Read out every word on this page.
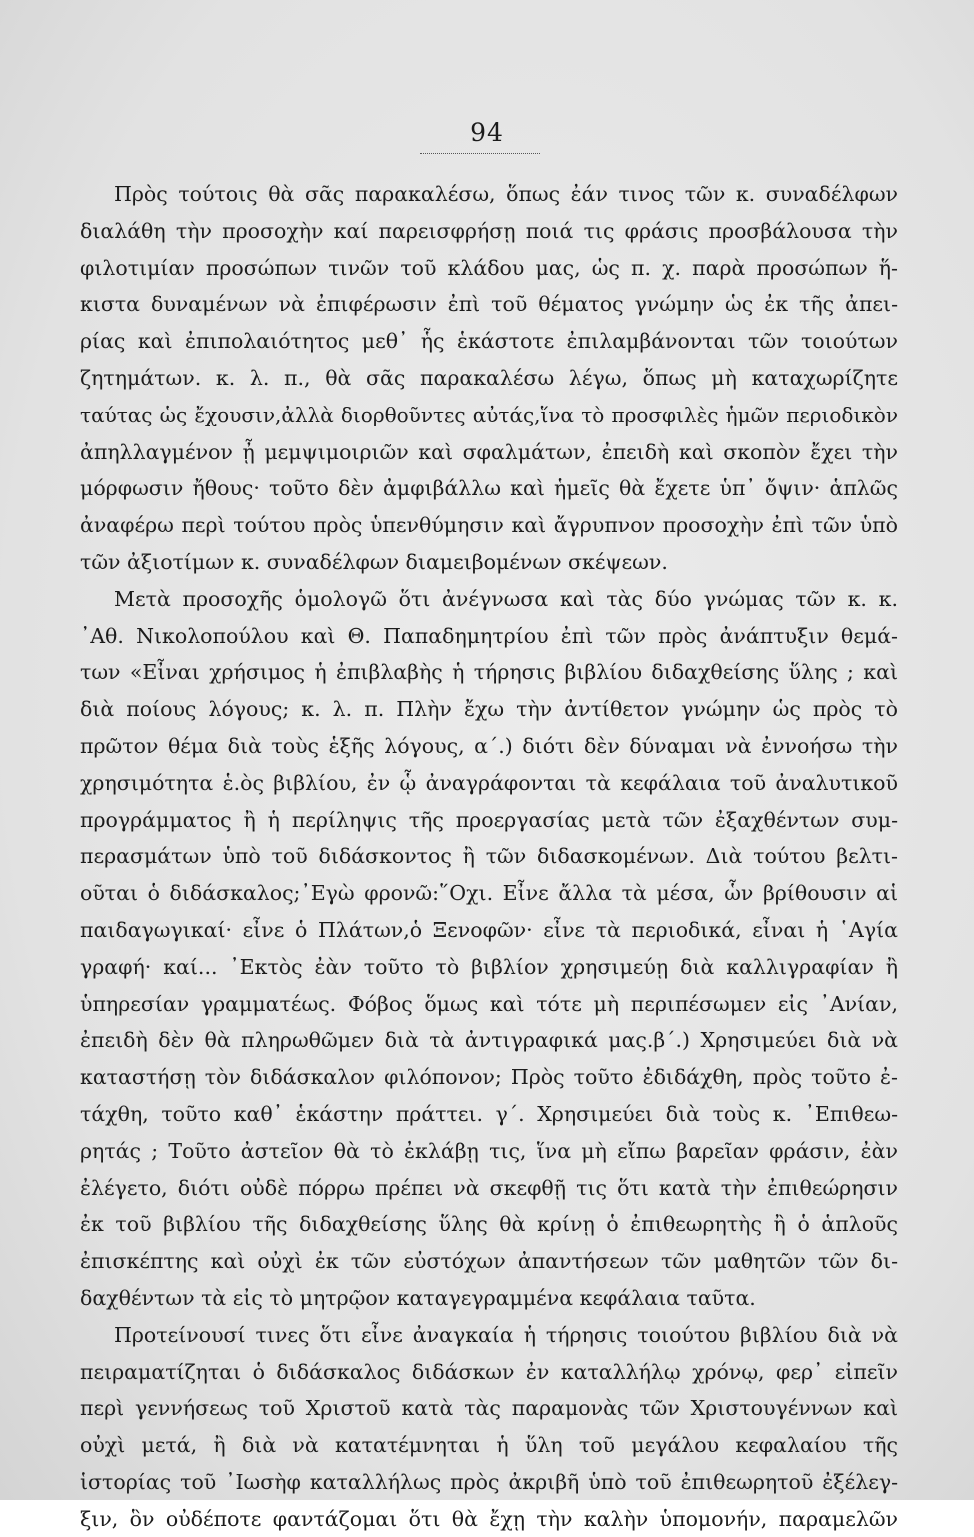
94
Πρὸς τούτοις θὰ σᾶς παρακαλέσω, ὅπως ἐάν τινος τῶν κ. συναδέλφων
διαλάθη τὴν προσοχὴν καί παρεισφρήσῃ ποιά τις φράσις προσβάλουσα τὴν
φιλοτιμίαν προσώπων τινῶν τοῦ κλάδου μας, ὡς π. χ. παρὰ προσώπων ἥ-
κιστα δυναμένων νὰ ἐπιφέρωσιν ἐπὶ τοῦ θέματος γνώμην ὡς ἐκ τῆς ἀπει-
ρίας καὶ ἐπιπολαιότητος μεθ᾽ ἧς ἑκάστοτε ἐπιλαμβάνονται τῶν τοιούτων
ζητημάτων. κ. λ. π., θὰ σᾶς παρακαλέσω λέγω, ὅπως μὴ καταχωρίζητε
ταύτας ὡς ἔχουσιν,ἀλλὰ διορθοῦντες αὐτάς,ἵνα τὸ προσφιλὲς ἡμῶν περιοδικὸν
ἀπηλλαγμένον ᾖ μεμψιμοιριῶν καὶ σφαλμάτων, ἐπειδὴ καὶ σκοπὸν ἔχει τὴν
μόρφωσιν ἤθους· τοῦτο δὲν ἀμφιβάλλω καὶ ἡμεῖς θὰ ἔχετε ὑπ᾽ ὄψιν· ἁπλῶς
ἀναφέρω περὶ τούτου πρὸς ὑπενθύμησιν καὶ ἄγρυπνον προσοχὴν ἐπὶ τῶν ὑπὸ
τῶν ἀξιοτίμων κ. συναδέλφων διαμειβομένων σκέψεων.
Μετὰ προσοχῆς ὁμολογῶ ὅτι ἀνέγνωσα καὶ τὰς δύο γνώμας τῶν κ. κ.
᾽Αθ. Νικολοπούλου καὶ Θ. Παπαδημητρίου ἐπὶ τῶν πρὸς ἀνάπτυξιν θεμά-
των «Εἶναι χρήσιμος ἡ ἐπιβλαβὴς ἡ τήρησις βιβλίου διδαχθείσης ὕλης ; καὶ
διὰ ποίους λόγους; κ. λ. π. Πλὴν ἔχω τὴν ἀντίθετον γνώμην ὡς πρὸς τὸ
πρῶτον θέμα διὰ τοὺς ἑξῆς λόγους, α΄.) διότι δὲν δύναμαι νὰ ἐννοήσω τὴν
χρησιμότητα ἑ.ὸς βιβλίου, ἐν ᾧ ἀναγράφονται τὰ κεφάλαια τοῦ ἀναλυτικοῦ
προγράμματος ἢ ἡ περίληψις τῆς προεργασίας μετὰ τῶν ἐξαχθέντων συμ-
περασμάτων ὑπὸ τοῦ διδάσκοντος ἢ τῶν διδασκομένων. Διὰ τούτου βελτι-
οῦται ὁ διδάσκαλος;᾽Εγὼ φρονῶ:῞Οχι. Εἶνε ἄλλα τὰ μέσα, ὧν βρίθουσιν αἱ
παιδαγωγικαί· εἶνε ὁ Πλάτων,ὁ Ξενοφῶν· εἶνε τὰ περιοδικά, εἶναι ἡ ῾Αγία
γραφή· καί... ᾽Εκτὸς ἐὰν τοῦτο τὸ βιβλίον χρησιμεύῃ διὰ καλλιγραφίαν ἢ
ὑπηρεσίαν γραμματέως. Φόβος ὅμως καὶ τότε μὴ περιπέσωμεν εἰς ᾽Ανίαν,
ἐπειδὴ δὲν θὰ πληρωθῶμεν διὰ τὰ ἀντιγραφικά μας.β΄.) Χρησιμεύει διὰ νὰ
καταστήσῃ τὸν διδάσκαλον φιλόπονον; Πρὸς τοῦτο ἐδιδάχθη, πρὸς τοῦτο ἐ-
τάχθη, τοῦτο καθ᾽ ἑκάστην πράττει. γ΄. Χρησιμεύει διὰ τοὺς κ. ᾽Επιθεω-
ρητάς ; Τοῦτο ἀστεῖον θὰ τὸ ἐκλάβῃ τις, ἵνα μὴ εἴπω βαρεῖαν φράσιν, ἐὰν
ἐλέγετο, διότι οὐδὲ πόρρω πρέπει νὰ σκεφθῇ τις ὅτι κατὰ τὴν ἐπιθεώρησιν
ἐκ τοῦ βιβλίου τῆς διδαχθείσης ὕλης θὰ κρίνῃ ὁ ἐπιθεωρητὴς ἢ ὁ ἁπλοῦς
ἐπισκέπτης καὶ οὐχὶ ἐκ τῶν εὐστόχων ἀπαντήσεων τῶν μαθητῶν τῶν δι-
δαχθέντων τὰ εἰς τὸ μητρῷον καταγεγραμμένα κεφάλαια ταῦτα.
Προτείνουσί τινες ὅτι εἶνε ἀναγκαία ἡ τήρησις τοιούτου βιβλίου διὰ νὰ
πειραματίζηται ὁ διδάσκαλος διδάσκων ἐν καταλλήλῳ χρόνῳ, φερ᾽ εἰπεῖν
περὶ γεννήσεως τοῦ Χριστοῦ κατὰ τὰς παραμονὰς τῶν Χριστουγέννων καὶ
οὐχὶ μετά, ἢ διὰ νὰ κατατέμνηται ἡ ὕλη τοῦ μεγάλου κεφαλαίου τῆς
ἱστορίας τοῦ ᾽Ιωσὴφ καταλλήλως πρὸς ἀκριβῆ ὑπὸ τοῦ ἐπιθεωρητοῦ ἐξέλεγ-
ξιν, ὃν οὐδέποτε φαντάζομαι ὅτι θὰ ἔχῃ τὴν καλὴν ὑπομονήν, παραμελῶν
